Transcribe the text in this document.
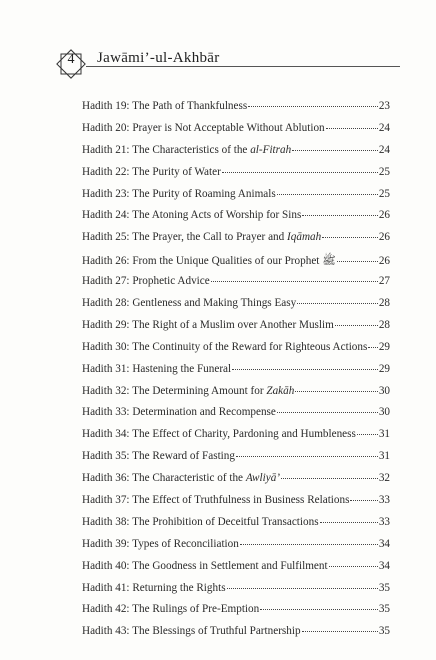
4	Jawāmi’-ul-Akhbār
Hadith 19: The Path of Thankfulness	23
Hadith 20: Prayer is Not Acceptable Without Ablution	24
Hadith 21: The Characteristics of the al-Fitrah	24
Hadith 22: The Purity of Water	25
Hadith 23: The Purity of Roaming Animals	25
Hadith 24: The Atoning Acts of Worship for Sins	26
Hadith 25: The Prayer, the Call to Prayer and Iqāmah	26
Hadith 26: From the Unique Qualities of our Prophet ﷺ	26
Hadith 27: Prophetic Advice	27
Hadith 28: Gentleness and Making Things Easy	28
Hadith 29: The Right of a Muslim over Another Muslim	28
Hadith 30: The Continuity of the Reward for Righteous Actions 29
Hadith 31: Hastening the Funeral	29
Hadith 32: The Determining Amount for Zakāh	30
Hadith 33: Determination and Recompense	30
Hadith 34: The Effect of Charity, Pardoning and Humbleness 31
Hadith 35: The Reward of Fasting	31
Hadith 36: The Characteristic of the Awliyā’	32
Hadith 37: The Effect of Truthfulness in Business Relations	33
Hadith 38: The Prohibition of Deceitful Transactions	33
Hadith 39: Types of Reconciliation	34
Hadith 40: The Goodness in Settlement and Fulfilment	34
Hadith 41: Returning the Rights	35
Hadith 42: The Rulings of Pre-Emption	35
Hadith 43: The Blessings of Truthful Partnership	35
